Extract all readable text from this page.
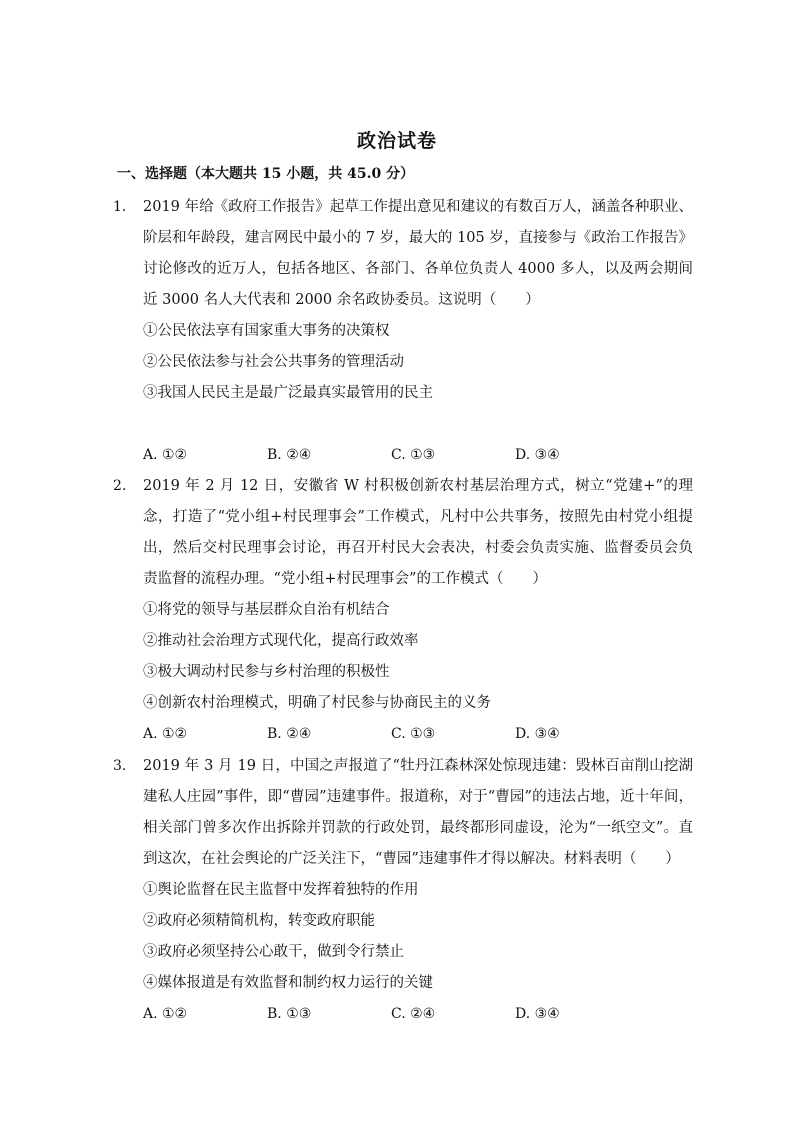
政治试卷
一、选择题（本大题共 15 小题，共 45.0 分）
1. 2019 年给《政府工作报告》起草工作提出意见和建议的有数百万人，涵盖各种职业、阶层和年龄段，建言网民中最小的 7 岁，最大的 105 岁，直接参与《政治工作报告》讨论修改的近万人，包括各地区、各部门、各单位负责人 4000 多人，以及两会期间近 3000 名人大代表和 2000 余名政协委员。这说明（　　）
①公民依法享有国家重大事务的决策权
②公民依法参与社会公共事务的管理活动
③我国人民民主是最广泛最真实最管用的民主
A. ①②	B. ②④	C. ①③	D. ③④
2. 2019 年 2 月 12 日，安徽省 W 村积极创新农村基层治理方式，树立“党建+”的理念，打造了“党小组+村民理事会”工作模式，凡村中公共事务，按照先由村党小组提出，然后交村民理事会讨论，再召开村民大会表决，村委会负责实施、监督委员会负责监督的流程办理。“党小组+村民理事会”的工作模式（　　）
①将党的领导与基层群众自治有机结合
②推动社会治理方式现代化，提高行政效率
③极大调动村民参与乡村治理的积极性
④创新农村治理模式，明确了村民参与协商民主的义务
A. ①②	B. ②④	C. ①③	D. ③④
3. 2019 年 3 月 19 日，中国之声报道了“牡丹江森林深处惊现违建：毁林百亩削山挖湖建私人庄园”事件，即“曹园”违建事件。报道称，对于“曹园”的违法占地，近十年间，相关部门曾多次作出拆除并罚款的行政处罚，最终都形同虚设，沦为“一纸空文”。直到这次，在社会舆论的广泛关注下，“曹园”违建事件才得以解决。材料表明（　　）
①舆论监督在民主监督中发挥着独特的作用
②政府必须精简机构，转变政府职能
③政府必须坚持公心敢干，做到令行禁止
④媒体报道是有效监督和制约权力运行的关键
A. ①②	B. ①③	C. ②④	D. ③④
